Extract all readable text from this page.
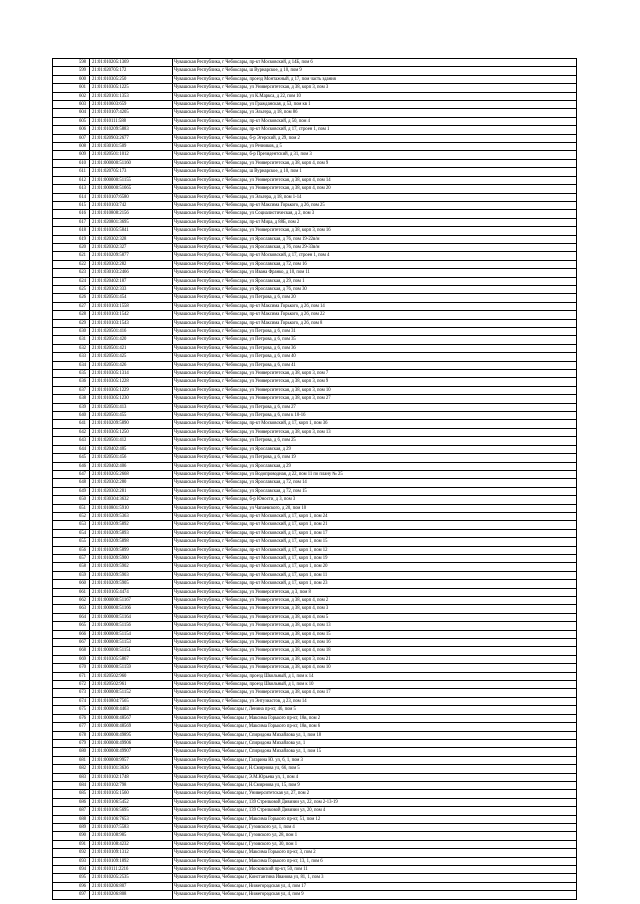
598	21:01:010205:1369	Чувашская Республика, г Чебоксары, пр-кт Московский, д 14Б, пом 6
599	21:01:020705:172	Чувашская Республика, г Чебоксары, ш Вурнарское, д 10, пом 9
600	21:01:010305:250	Чувашская Республика, г Чебоксары, проезд Монтажный, д 17, пом часть здания
601	21:01:010305:1225	Чувашская Республика, г Чебоксары, ул Университетская, д 38, корп 3, пом 3
602	21:01:020101:1353	Чувашская Республика, г Чебоксары, ул К.Маркса, д 22, пом 10
603	21:01:010603:659	Чувашская Республика, г Чебоксары, ул Гражданская, д 53, пом кв 1
604	21:01:010107:4205	Чувашская Республика, г Чебоксары, ул Эльгера, д 18, пом 86
605	21:01:010111:588	Чувашская Республика, г Чебоксары, пр-кт Московский, д 50, пом 4
606	21:01:010209:5883	Чувашская Республика, г Чебоксары, пр-кт Московский, д 17, строен 1, пом 1
607	21:01:020903:2677	Чувашская Республика, г Чебоксары, б-р Эгерский, д 29, пом 2
608	21:01:030101:509	Чувашская Республика, г Чебоксары, ул Речников, д 5
609	21:01:020501:1012	Чувашская Республика, г Чебоксары, б-р Президентский, д 31, пом 3
610	21:01:000000:51160	Чувашская Республика, г Чебоксары, ул Университетская, д 38, корп 4, пом 9
611	21:01:020705:173	Чувашская Республика, г Чебоксары, ш Вурнарское, д 10, пом 1
612	21:01:000000:51155	Чувашская Республика, г Чебоксары, ул Университетская, д 38, корп 4, пом 14
613	21:01:000000:51665	Чувашская Республика, г Чебоксары, ул Университетская, д 38, корп 4, пом 20
614	21:01:010107:6580	Чувашская Республика, г Чебоксары, ул Эльгера, д 18, пом 1-14
615	21:01:010103:742	Чувашская Республика, г Чебоксары, пр-кт Максима Горького, д 26, пом 25
616	21:01:010808:2156	Чувашская Республика, г Чебоксары, ул Социалистическая, д 2, пом 3
617	21:01:020801:3695	Чувашская Республика, г Чебоксары, пр-кт Мира, д 88Б, пом 2
618	21:01:010305:5841	Чувашская Республика, г Чебоксары, ул Университетская, д 38, корп 3, пом 16
619	21:01:020302:328	Чувашская Республика, г Чебоксары, ул Ярославская, д 76, пом 19-22в/м
620	21:01:020302:327	Чувашская Республика, г Чебоксары, ул Ярославская, д 76, пом 29-33в/м
621	21:01:010209:5877	Чувашская Республика, г Чебоксары, пр-кт Московский, д 17, строен 1, пом 4
622	21:01:020302:282	Чувашская Республика, г Чебоксары, ул Ярославская, д 72, пом 16
623	21:01:030103:2466	Чувашская Республика, г Чебоксары, ул Ивана Франко, д 10, пом 11
624	21:01:020402:187	Чувашская Республика, г Чебоксары, ул Ярославская, д 29, пом 1
625	21:01:020302:333	Чувашская Республика, г Чебоксары, ул Ярославская, д 76, пом 30
626	21:01:020501:454	Чувашская Республика, г Чебоксары, ул Петрова, д 6, пом 20
627	21:01:010103:1558	Чувашская Республика, г Чебоксары, пр-кт Максима Горького, д 26, пом 14
628	21:01:010103:1542	Чувашская Республика, г Чебоксары, пр-кт Максима Горького, д 26, пом 22
629	21:01:010103:1543	Чувашская Республика, г Чебоксары, пр-кт Максима Горького, д 26, пом 8
630	21:01:020501:416	Чувашская Республика, г Чебоксары, ул Петрова, д 6, пом 31
631	21:01:020501:420	Чувашская Республика, г Чебоксары, ул Петрова, д 6, пом 35
632	21:01:020501:421	Чувашская Республика, г Чебоксары, ул Петрова, д 6, пом 36
633	21:01:020501:425	Чувашская Республика, г Чебоксары, ул Петрова, д 6, пом 40
634	21:01:020501:426	Чувашская Республика, г Чебоксары, ул Петрова, д 6, пом 41
635	21:01:010305:1314	Чувашская Республика, г Чебоксары, ул Университетская, д 38, корп 3, пом 7
636	21:01:010305:1228	Чувашская Республика, г Чебоксары, ул Университетская, д 38, корп 3, пом 9
637	21:01:010305:1229	Чувашская Республика, г Чебоксары, ул Университетская, д 38, корп 3, пом 10
638	21:01:010305:1230	Чувашская Республика, г Чебоксары, ул Университетская, д 38, корп 3, пом 27
639	21:01:020501:413	Чувашская Республика, г Чебоксары, ул Петрова, д 6, пом 27
640	21:01:020501:455	Чувашская Республика, г Чебоксары, ул Петрова, д 6, пом к 10-16
641	21:01:010209:5890	Чувашская Республика, г Чебоксары, пр-кт Московский, д 17, корп 1, пом 36
642	21:01:010305:1250	Чувашская Республика, г Чебоксары, ул Университетская, д 38, корп 3, пом 13
643	21:01:020501:412	Чувашская Республика, г Чебоксары, ул Петрова, д 6, пом 25
644	21:01:020402:405	Чувашская Республика, г Чебоксары, ул Ярославская, д 29
645	21:01:020501:456	Чувашская Республика, г Чебоксары, ул Петрова, д 6, пом 19
646	21:01:020402:406	Чувашская Республика, г Чебоксары, ул Ярославская, д 29
647	21:01:010205:2668	Чувашская Республика, г Чебоксары, ул Водопроводная, д 22, пом 11 по плану № 25
648	21:01:020302:280	Чувашская Республика, г Чебоксары, ул Ярославская, д 72, пом 14
649	21:01:020302:281	Чувашская Республика, г Чебоксары, ул Ярославская, д 72, пом 15
650	21:01:030304:3632	Чувашская Республика, г Чебоксары, б-р Юности, д 3, пом 3
651	21:01:010801:5910	Чувашская Республика, г Чебоксары, ул Чапаевского, д 20, пом 10
652	21:01:010209:5363	Чувашская Республика, г Чебоксары, пр-кт Московский, д 17, корп 1, пом 24
653	21:01:010209:5892	Чувашская Республика, г Чебоксары, пр-кт Московский, д 17, корп 1, пом 21
654	21:01:010209:5893	Чувашская Республика, г Чебоксары, пр-кт Московский, д 17, корп 1, пом 17
655	21:01:010209:5898	Чувашская Республика, г Чебоксары, пр-кт Московский, д 17, корп 1, пом 15
656	21:01:010209:5899	Чувашская Республика, г Чебоксары, пр-кт Московский, д 17, корп 1, пом 12
657	21:01:010209:5900	Чувашская Республика, г Чебоксары, пр-кт Московский, д 17, корп 1, пом 19
658	21:01:010209:5902	Чувашская Республика, г Чебоксары, пр-кт Московский, д 17, корп 1, пом 20
659	21:01:010209:5903	Чувашская Республика, г Чебоксары, пр-кт Московский, д 17, корп 1, пом 11
660	21:01:010209:5905	Чувашская Республика, г Чебоксары, пр-кт Московский, д 17, корп 1, пом 23
661	21:01:010105:4474	Чувашская Республика, г Чебоксары, ул Университетская, д 3, пом 8
662	21:01:000000:51167	Чувашская Республика, г Чебоксары, ул Университетская, д 38, корп 4, пом 2
663	21:01:000000:51166	Чувашская Республика, г Чебоксары, ул Университетская, д 38, корп 4, пом 3
664	21:01:000000:51164	Чувашская Республика, г Чебоксары, ул Университетская, д 38, корп 4, пом 5
665	21:01:000000:51156	Чувашская Республика, г Чебоксары, ул Университетская, д 38, корп 4, пом 13
666	21:01:000000:51154	Чувашская Республика, г Чебоксары, ул Университетская, д 38, корп 4, пом 15
667	21:01:000000:51153	Чувашская Республика, г Чебоксары, ул Университетская, д 38, корп 4, пом 16
668	21:01:000000:51151	Чувашская Республика, г Чебоксары, ул Университетская, д 38, корп 4, пом 18
669	21:01:010305:5867	Чувашская Республика, г Чебоксары, ул Университетская, д 38, корп 3, пом 21
670	21:01:000000:51159	Чувашская Республика, г Чебоксары, ул Университетская, д 38, корп 4, пом 10
671	21:01:020502:960	Чувашская Республика, г Чебоксары, проезд Школьный, д 1, пом к 14
672	21:01:020502:961	Чувашская Республика, г Чебоксары, проезд Школьный, д 1, пом к 10
673	21:01:000000:51152	Чувашская Республика, г Чебоксары, ул Университетская, д 38, корп 4, пом 17
674	21:01:010804:7565	Чувашская Республика, г Чебоксары, ул Энтузиастов, д 23, пом 14
675	21:01:000000:4463	Чувашская Республика, Чебоксары г, Ленина пр-кт, 46, пом 5
676	21:01:000000:48567	Чувашская Республика, Чебоксары г, Максима Горького пр-кт, 18в, пом 2
677	21:01:000000:48569	Чувашская Республика, Чебоксары г, Максима Горького пр-кт, 18в, пом 6
678	21:01:000000:49895	Чувашская Республика, Чебоксары г, Спиридона Михайлова ул, 1, пом 18
679	21:01:000000:49906	Чувашская Республика, Чебоксары г, Спиридона Михайлова ул, 1
680	21:01:000000:49907	Чувашская Республика, Чебоксары г, Спиридона Михайлова ул, 1, пом 15
681	21:01:000000:9957	Чувашская Республика, Чебоксары г, Гагарина Ю. ул, 6, 1, пом 3
682	21:01:010101:3636	Чувашская Республика, Чебоксары г, Н.Смирнова ул, 66, пом 5
683	21:01:010102:1748	Чувашская Республика, Чебоксары г, Э.М.Юрьева ул, 1, пом 4
684	21:01:010102:798	Чувашская Республика, Чебоксары г, Н.Смирнова ул, 15, пом 9
685	21:01:010105:1560	Чувашская Республика, Чебоксары г, Университетская ул, 27, пом 2
686	21:01:010106:5452	Чувашская Республика, Чебоксары г, 139 Стрелковой Дивизии ул, 22, пом 2-13-19
687	21:01:010106:5695	Чувашская Республика, Чебоксары г, 139 Стрелковой Дивизии ул, 20, пом 4
688	21:01:010106:7653	Чувашская Республика, Чебоксары г, Максима Горького пр-кт, 51, пом 12
689	21:01:010107:5583	Чувашская Республика, Чебоксары г, Гузовского ул, 1, пом 4
690	21:01:010108:985	Чувашская Республика, Чебоксары г, Гузовского ул, 28, пом 1
691	21:01:010108:4232	Чувашская Республика, Чебоксары г, Гузовского ул, 30, пом 1
692	21:01:010109:1312	Чувашская Республика, Чебоксары г, Максима Горького пр-кт, 3, пом 2
693	21:01:010109:1892	Чувашская Республика, Чебоксары г, Максима Горького пр-кт, 13, 1, пом 6
694	21:01:010111:2216	Чувашская Республика, Чебоксары г, Московский пр-кт, 50, пом 11
695	21:01:010205:2535	Чувашская Республика, Чебоксары г, Константина Иванова ул, 81, 1, пом 3
696	21:01:010206:807	Чувашская Республика, Чебоксары г, Нижегородская ул, 4, пом 17
697	21:01:010206:808	Чувашская Республика, Чебоксары г, Нижегородская ул, 4, пом 9
